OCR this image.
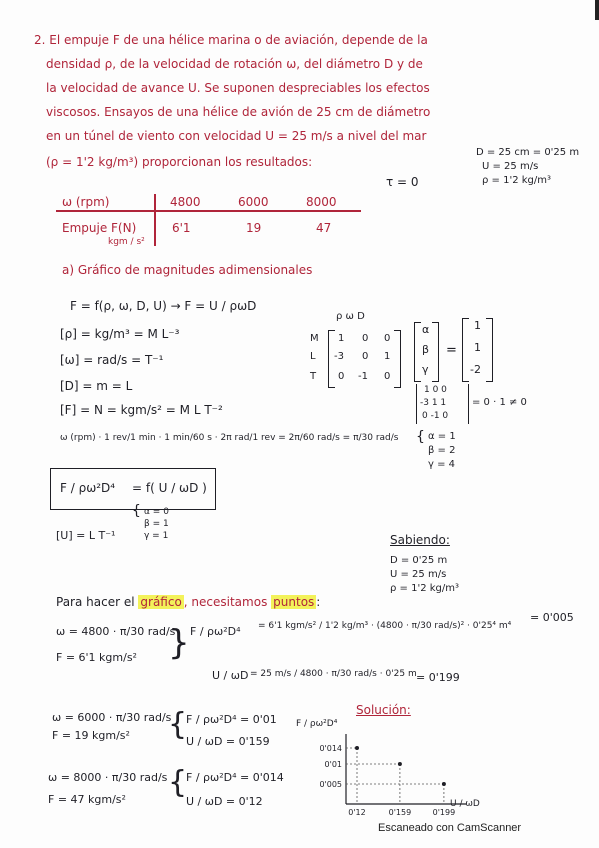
2. El empuje F de una hélice marina o de aviación, depende de la
densidad ρ, de la velocidad de rotación ω, del diámetro D y de
la velocidad de avance U. Se suponen despreciables los efectos
viscosos. Ensayos de una hélice de avión de 25 cm de diámetro
en un túnel de viento con velocidad U = 25 m/s a nivel del mar
(ρ = 1'2 kg/m³) proporcionan los resultados:
D = 25 cm = 0'25 m
U = 25 m/s
ρ = 1'2 kg/m³
τ = 0
ω (rpm)	4800	6000	8000
Empuje F(N)	6'1	19	47
kgm / s²
a) Gráfico de magnitudes adimensionales
F = f(ρ, ω, D, U) → F = U / ρωD
[ρ] = kg/m³ = M L⁻³
[ω] = rad/s = T⁻¹
[D] = m = L
[F] = N = kgm/s² = M L T⁻²
ρ ω D
M 1 0 0
L -3 0 1
T 0 -1 0
α
β
γ
=
1
1
-2
1 0 0
-3 1 1
0 -1 0
= 0 · 1 ≠ 0
{ α = 1
β = 2
γ = 4
ω (rpm) · 1 rev/1 min · 1 min/60 s · 2π rad/1 rev = 2π/60 rad/s = π/30 rad/s
F / ρω²D⁴ = f( U / ωD )
{ α = 0
β = 1
γ = 1
[U] = L T⁻¹	Sabiendo:
D = 0'25 m
U = 25 m/s
ρ = 1'2 kg/m³
Para hacer el gráfico , necesitamos puntos :
ω = 4800 · π/30 rad/s
F = 6'1 kgm/s² } F / ρω²D⁴ = 6'1 kgm/s² / 1'2 kg/m³ · (4800 · π/30 rad/s)² · 0'25⁴ m⁴
= 0'005
U / ωD = 25 m/s / 4800 · π/30 rad/s · 0'25 m = 0'199
ω = 6000 · π/30 rad/s
F = 19 kgm/s² {
F / ρω²D⁴ = 0'01
U / ωD = 0'159
ω = 8000 · π/30 rad/s
F = 47 kgm/s² {
F / ρω²D⁴ = 0'014
U / ωD = 0'12
Solución:
F / ρω²D⁴
0'014
0'01
0'005
0'12	0'159	0'199
U / ωD
Escaneado con CamScanner
